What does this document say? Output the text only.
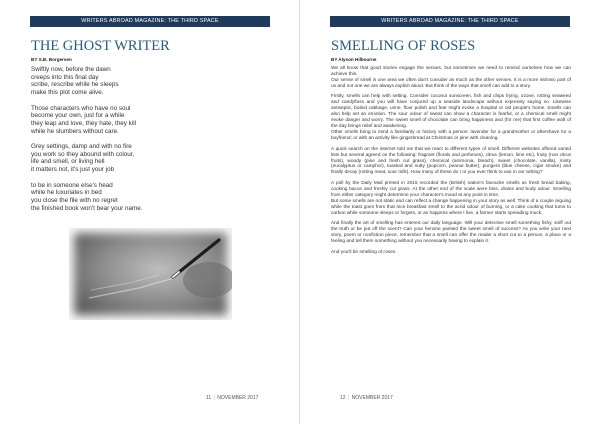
WRITERS ABROAD MAGAZINE: THE THIRD SPACE
THE GHOST WRITER
BY S.B. Borgersen
Swiftly now, before the dawn
creeps into this final day
scribe, rescribe while he sleeps
make this plot come alive.
Those characters who have no soul
become your own, just for a while
they leap and love, they hate, they kill
while he slumbers without care.
Grey settings, damp and with no fire
you work so they abound with colour,
life and smell, or living hell
it matters not, it's just your job
to be in someone else's head
while he luxuriates in bed
you close the file with no regret
the finished book won't bear your name.
11 | NOVEMBER 2017
WRITERS ABROAD MAGAZINE: THE THIRD SPACE
SMELLING OF ROSES
BY Alyson Hilbourne

We all know that good stories engage the senses, but sometimes we need to remind ourselves how we can achieve this.
Our sense of smell is one area we often don't consider as much as the other senses. It is a more intrinsic part of us and not one we are always explicit about. But think of the ways that smell can add to a story.

Firstly, smells can help with setting. Consider coconut sunscreen, fish and chips frying, ozone, rotting seaweed and candyfloss and you will have conjured up a seaside landscape without expressly saying so. Likewise antiseptic, boiled cabbage, urine, floor polish and fear might evoke a hospital or old people's home. Smells can also help set an emotion. The sour odour of sweat can show a character is fearful, or a chemical smell might evoke danger and worry. The sweet smell of chocolate can bring happiness and (for me) that first coffee waft of the day brings relief and awakening.
Other smells bring to mind a familiarity or history with a person: lavender for a grandmother or aftershave for a boyfriend; or with an activity like gingerbread at Christmas or pine with cleaning.

A quick search on the internet told me that we react to different types of smell. Different websites offered varied lists but several agreed on the following: fragrant (florals and perfumes), citrus (lemon, lime etc), fruity (non citrus fruits), woody (pine and fresh cut grass), chemical (ammonia, bleach), sweet (chocolate, vanilla), minty (eucalyptus or camphor), toasted and nutty (popcorn, peanut butter), pungent (blue cheese, cigar smoke) and finally decay (rotting meat, sour milk). How many of these do I or you ever think to use in our writing?

A poll by the Daily Mail printed in 2015 recorded the (British) nation's favourite smells as fresh bread baking, cooking bacon and freshly cut grass. At the other end of the scale were bins, drains and body odour. Smelling from either category might determine your character's mood at any point in time.
But some smells are not static and can reflect a change happening in your story as well. Think of a couple arguing while the toast goes from that nice breakfast smell to the acrid odour of burning, or a cake cooking that turns to carbon while someone sleeps or forgets, or as happens where I live, a farmer starts spreading muck.

And finally the art of smelling has entered our daily language. Will your detective smell something fishy, sniff out the truth or be put off the scent? Can your heroine painted the sweet smell of success? As you write your next story, poem or nonfiction piece, remember that a smell can offer the reader a short cut to a person, a place or a feeling and tell them something without you necessarily having to explain it.

And you'll be smelling of roses.

12 | NOVEMBER 2017
